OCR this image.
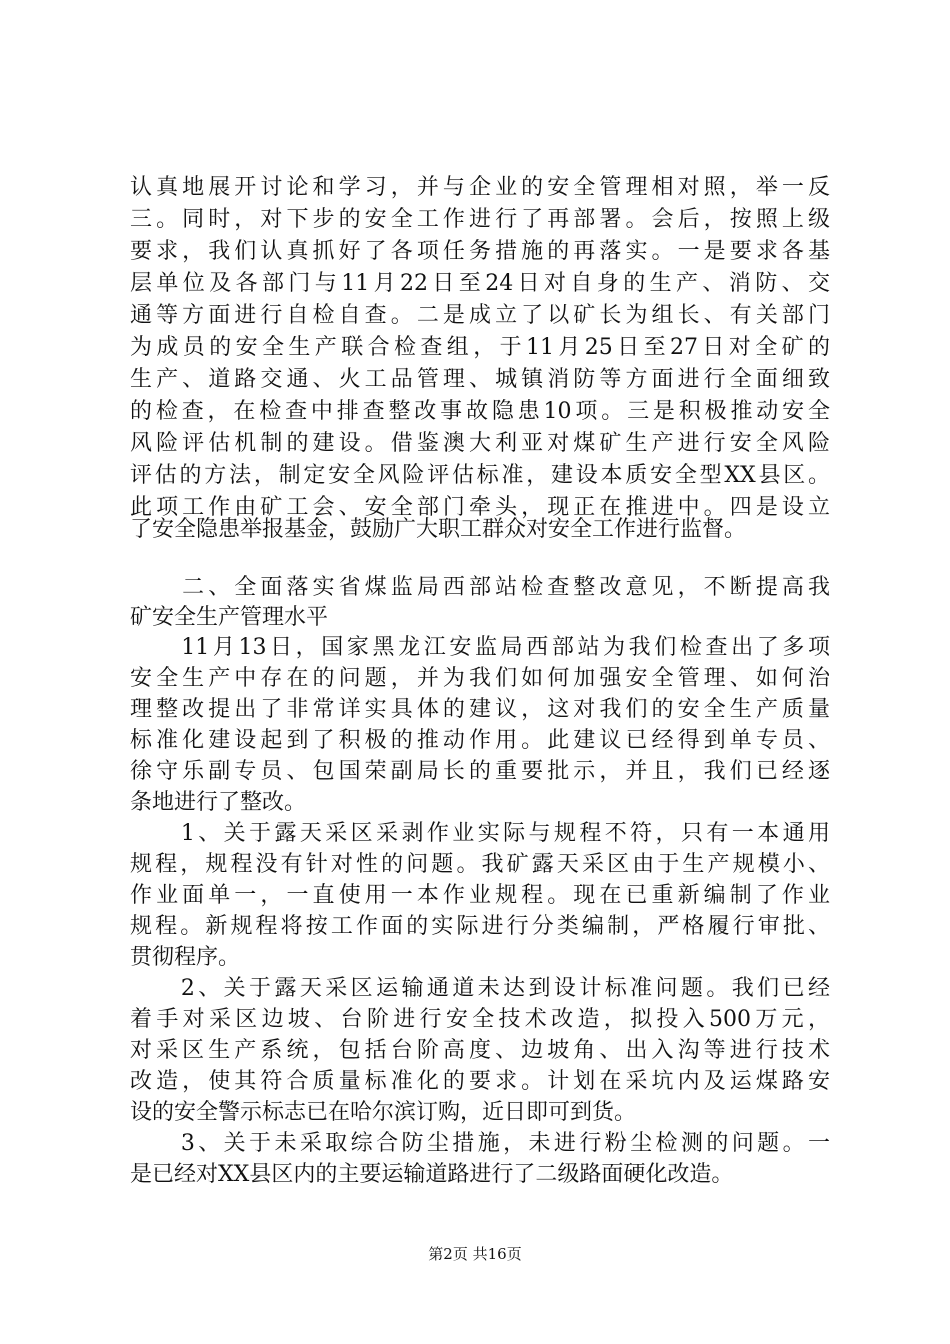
认真地展开讨论和学习，并与企业的安全管理相对照，举一反
三。同时，对下步的安全工作进行了再部署。会后，按照上级
要求，我们认真抓好了各项任务措施的再落实。一是要求各基
层单位及各部门与11月22日至24日对自身的生产、消防、交
通等方面进行自检自查。二是成立了以矿长为组长、有关部门
为成员的安全生产联合检查组，于11月25日至27日对全矿的
生产、道路交通、火工品管理、城镇消防等方面进行全面细致
的检查，在检查中排查整改事故隐患10项。三是积极推动安全
风险评估机制的建设。借鉴澳大利亚对煤矿生产进行安全风险
评估的方法，制定安全风险评估标准，建设本质安全型XX县区。
此项工作由矿工会、安全部门牵头，现正在推进中。四是设立
了安全隐患举报基金，鼓励广大职工群众对安全工作进行监督。
　　二、全面落实省煤监局西部站检查整改意见，不断提高我
矿安全生产管理水平
　　11月13日，国家黑龙江安监局西部站为我们检查出了多项
安全生产中存在的问题，并为我们如何加强安全管理、如何治
理整改提出了非常详实具体的建议，这对我们的安全生产质量
标准化建设起到了积极的推动作用。此建议已经得到单专员、
徐守乐副专员、包国荣副局长的重要批示，并且，我们已经逐
条地进行了整改。
　　1、关于露天采区采剥作业实际与规程不符，只有一本通用
规程，规程没有针对性的问题。我矿露天采区由于生产规模小、
作业面单一，一直使用一本作业规程。现在已重新编制了作业
规程。新规程将按工作面的实际进行分类编制，严格履行审批、
贯彻程序。
　　2、关于露天采区运输通道未达到设计标准问题。我们已经
着手对采区边坡、台阶进行安全技术改造，拟投入500万元，
对采区生产系统，包括台阶高度、边坡角、出入沟等进行技术
改造，使其符合质量标准化的要求。计划在采坑内及运煤路安
设的安全警示标志已在哈尔滨订购，近日即可到货。
　　3、关于未采取综合防尘措施，未进行粉尘检测的问题。一
是已经对XX县区内的主要运输道路进行了二级路面硬化改造。
第2页 共16页
